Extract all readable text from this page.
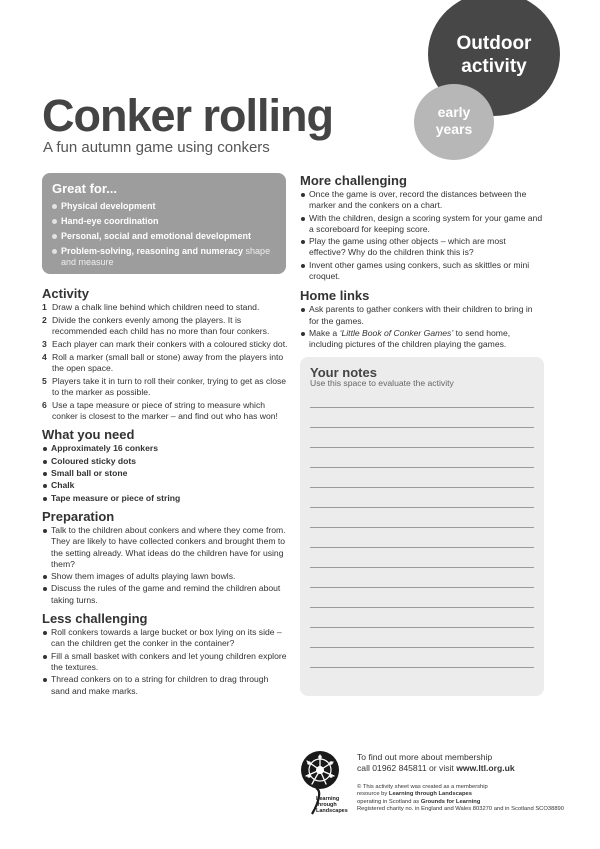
Outdoor
activity
early
years
Conker rolling
A fun autumn game using conkers
Great for...
Physical development
Hand-eye coordination
Personal, social and emotional development
Problem-solving, reasoning and numeracy shape and measure
Activity
1 Draw a chalk line behind which children need to stand.
2 Divide the conkers evenly among the players. It is recommended each child has no more than four conkers.
3 Each player can mark their conkers with a coloured sticky dot.
4 Roll a marker (small ball or stone) away from the players into the open space.
5 Players take it in turn to roll their conker, trying to get as close to the marker as possible.
6 Use a tape measure or piece of string to measure which conker is closest to the marker – and find out who has won!
What you need
Approximately 16 conkers
Coloured sticky dots
Small ball or stone
Chalk
Tape measure or piece of string
Preparation
Talk to the children about conkers and where they come from. They are likely to have collected conkers and brought them to the setting already. What ideas do the children have for using them?
Show them images of adults playing lawn bowls.
Discuss the rules of the game and remind the children about taking turns.
Less challenging
Roll conkers towards a large bucket or box lying on its side – can the children get the conker in the container?
Fill a small basket with conkers and let young children explore the textures.
Thread conkers on to a string for children to drag through sand and make marks.
More challenging
Once the game is over, record the distances between the marker and the conkers on a chart.
With the children, design a scoring system for your game and a scoreboard for keeping score.
Play the game using other objects – which are most effective? Why do the children think this is?
Invent other games using conkers, such as skittles or mini croquet.
Home links
Ask parents to gather conkers with their children to bring in for the games.
Make a ‘Little Book of Conker Games’ to send home, including pictures of the children playing the games.
Your notes
Use this space to evaluate the activity
Learning
through
Landscapes
To find out more about membership
call 01962 845811 or visit www.ltl.org.uk
© This activity sheet was created as a membership
resource by Learning through Landscapes
operating in Scotland as Grounds for Learning
Registered charity no. in England and Wales 803270 and in Scotland SCO38890
